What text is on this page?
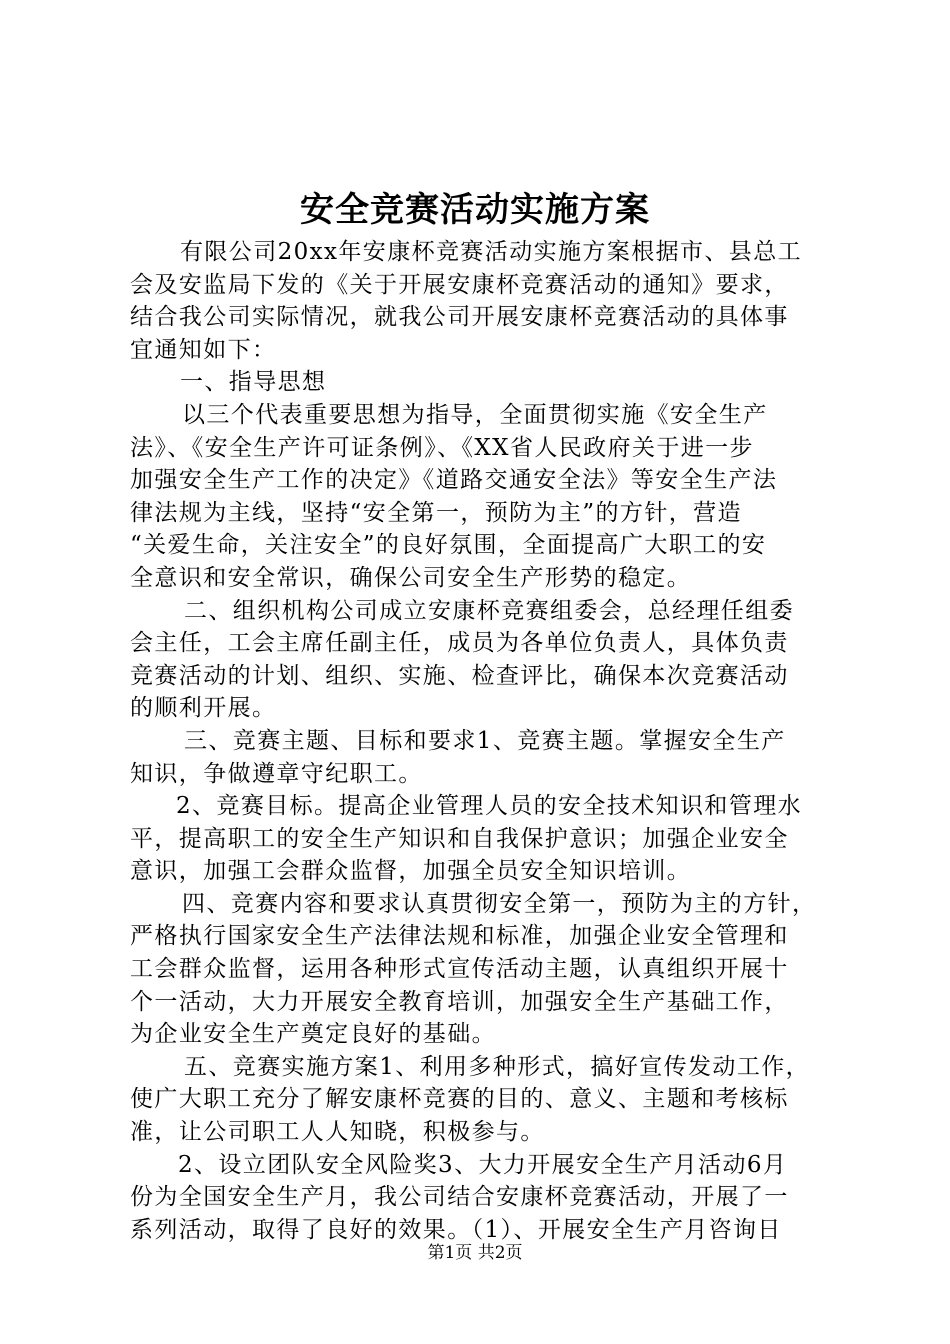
安全竞赛活动实施方案
有限公司20xx年安康杯竞赛活动实施方案根据市、县总工
会及安监局下发的《关于开展安康杯竞赛活动的通知》要求，
结合我公司实际情况，就我公司开展安康杯竞赛活动的具体事
宜通知如下：
一、指导思想
以三个代表重要思想为指导，全面贯彻实施《安全生产
法》、《安全生产许可证条例》、《XX省人民政府关于进一步
加强安全生产工作的决定》《道路交通安全法》等安全生产法
律法规为主线，坚持“安全第一，预防为主”的方针，营造
“关爱生命，关注安全”的良好氛围，全面提高广大职工的安
全意识和安全常识，确保公司安全生产形势的稳定。
二、组织机构公司成立安康杯竞赛组委会，总经理任组委
会主任，工会主席任副主任，成员为各单位负责人，具体负责
竞赛活动的计划、组织、实施、检查评比，确保本次竞赛活动
的顺利开展。
三、竞赛主题、目标和要求1、竞赛主题。掌握安全生产
知识，争做遵章守纪职工。
2、竞赛目标。提高企业管理人员的安全技术知识和管理水
平，提高职工的安全生产知识和自我保护意识；加强企业安全
意识，加强工会群众监督，加强全员安全知识培训。
四、竞赛内容和要求认真贯彻安全第一，预防为主的方针，
严格执行国家安全生产法律法规和标准，加强企业安全管理和
工会群众监督，运用各种形式宣传活动主题，认真组织开展十
个一活动，大力开展安全教育培训，加强安全生产基础工作，
为企业安全生产奠定良好的基础。
五、竞赛实施方案1、利用多种形式，搞好宣传发动工作，
使广大职工充分了解安康杯竞赛的目的、意义、主题和考核标
准，让公司职工人人知晓，积极参与。
2、设立团队安全风险奖3、大力开展安全生产月活动6月
份为全国安全生产月，我公司结合安康杯竞赛活动，开展了一
系列活动，取得了良好的效果。（1）、开展安全生产月咨询日
第1页 共2页
